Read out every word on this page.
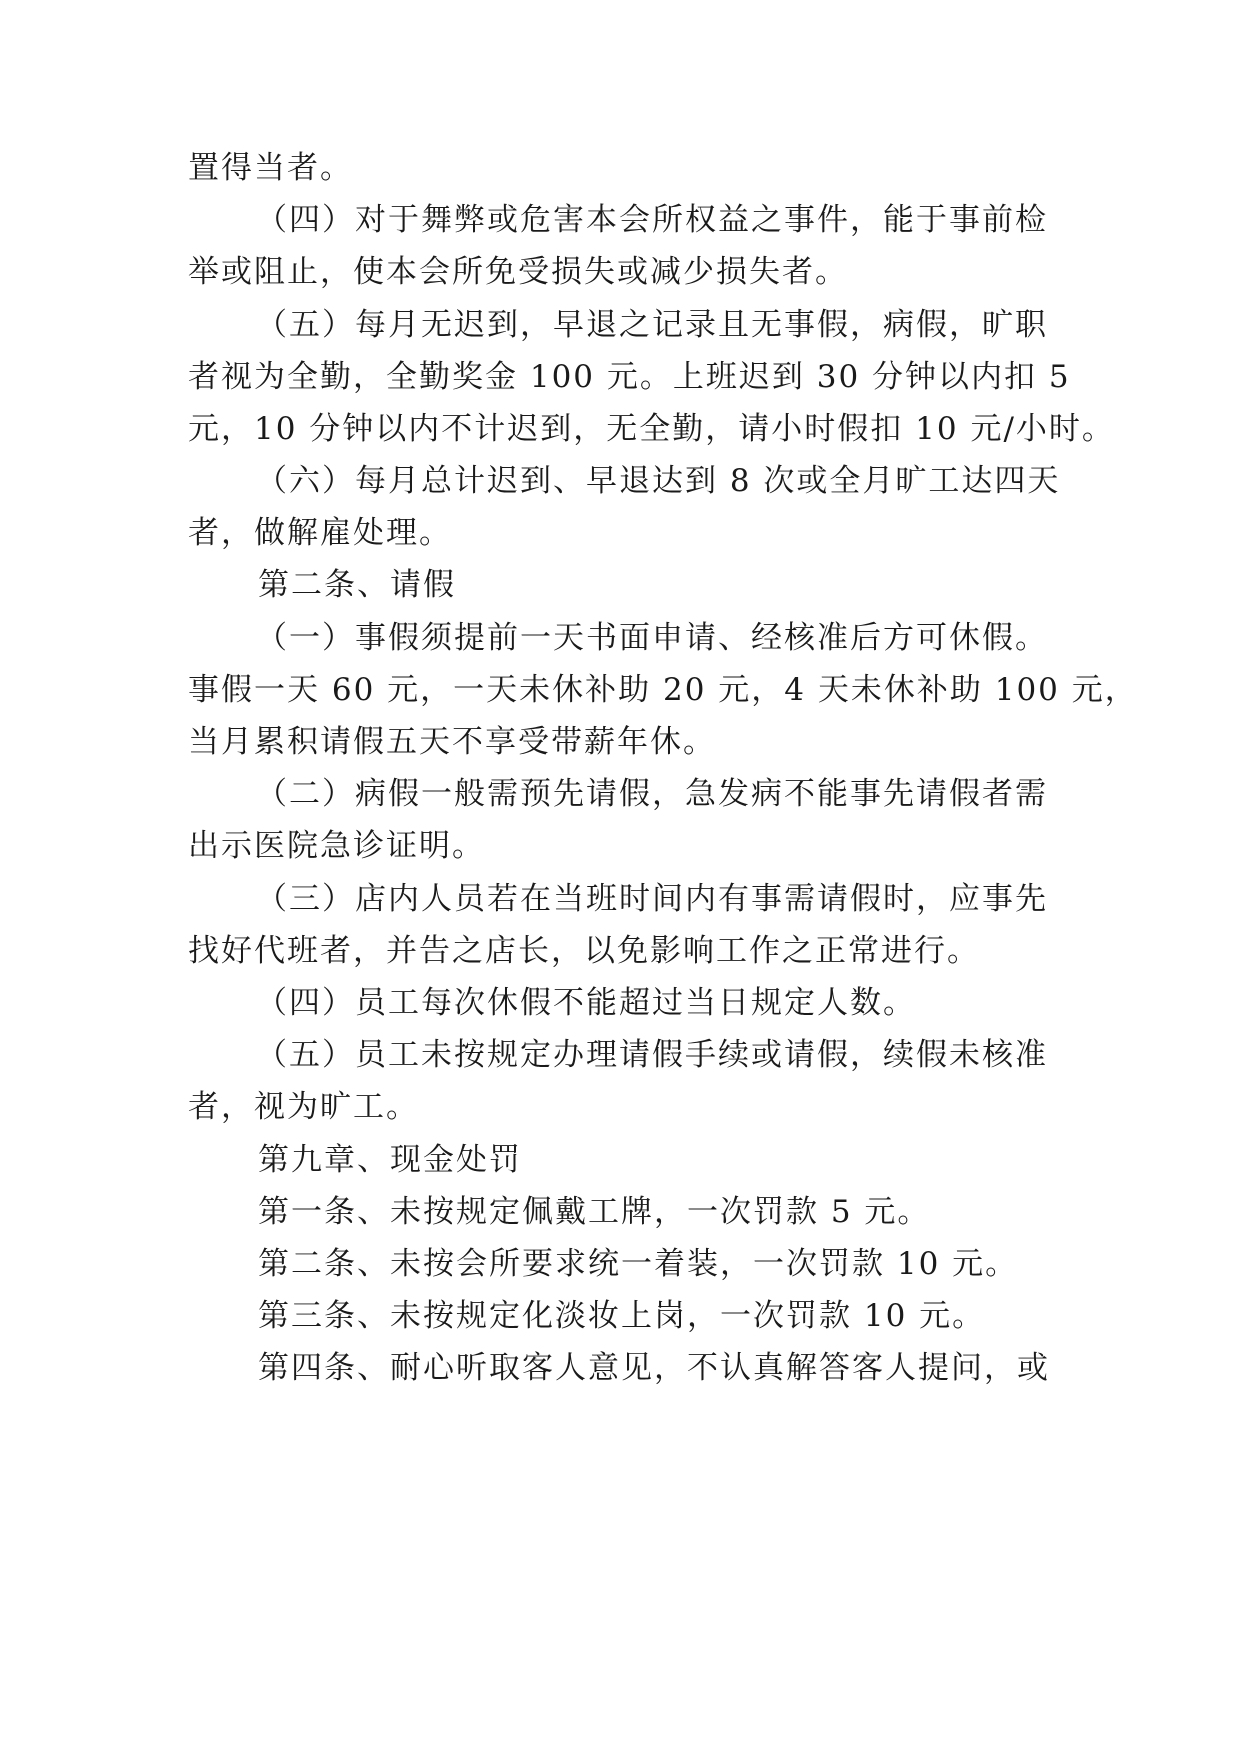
置得当者。

（四）对于舞弊或危害本会所权益之事件，能于事前检

举或阻止，使本会所免受损失或减少损失者。

（五）每月无迟到，早退之记录且无事假，病假，旷职

者视为全勤，全勤奖金 100 元。上班迟到 30 分钟以内扣 5

元，10 分钟以内不计迟到，无全勤，请小时假扣 10 元/小时。

（六）每月总计迟到、早退达到 8 次或全月旷工达四天

者，做解雇处理。

第二条、请假

（一）事假须提前一天书面申请、经核准后方可休假。

事假一天 60 元，一天未休补助 20 元，4 天未休补助 100 元，

当月累积请假五天不享受带薪年休。

（二）病假一般需预先请假，急发病不能事先请假者需

出示医院急诊证明。

（三）店内人员若在当班时间内有事需请假时，应事先

找好代班者，并告之店长，以免影响工作之正常进行。

（四）员工每次休假不能超过当日规定人数。

（五）员工未按规定办理请假手续或请假，续假未核准

者，视为旷工。

第九章、现金处罚

第一条、未按规定佩戴工牌，一次罚款 5 元。

第二条、未按会所要求统一着装，一次罚款 10 元。

第三条、未按规定化淡妆上岗，一次罚款 10 元。

第四条、耐心听取客人意见，不认真解答客人提问，或
